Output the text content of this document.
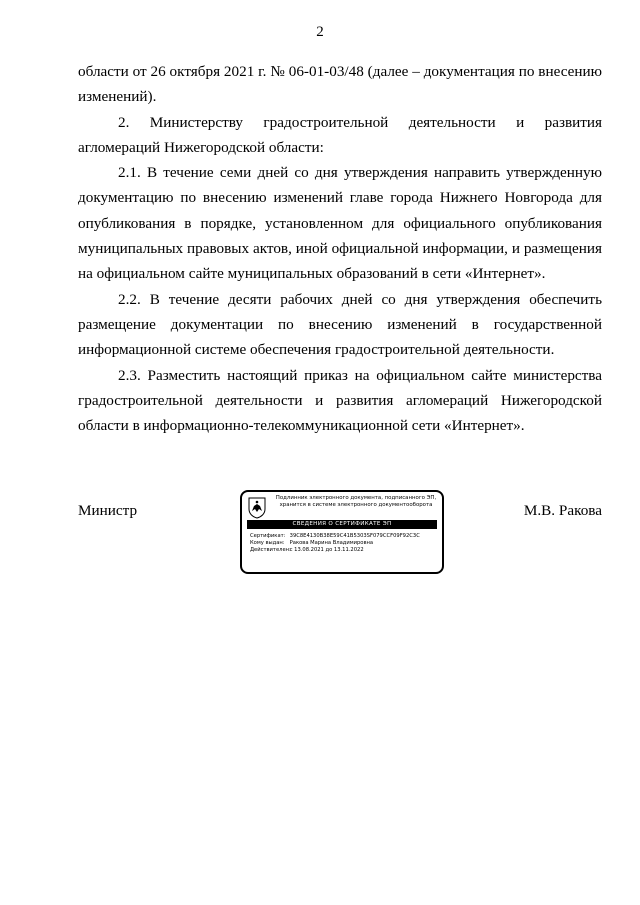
2

области от 26 октября 2021 г. № 06-01-03/48 (далее – документация по внесению изменений).

2. Министерству градостроительной деятельности и развития агломераций Нижегородской области:

2.1. В течение семи дней со дня утверждения направить утвержденную документацию по внесению изменений главе города Нижнего Новгорода для опубликования в порядке, установленном для официального опубликования муниципальных правовых актов, иной официальной информации, и размещения на официальном сайте муниципальных образований в сети «Интернет».

2.2. В течение десяти рабочих дней со дня утверждения обеспечить размещение документации по внесению изменений в государственной информационной системе обеспечения градостроительной деятельности.

2.3. Разместить настоящий приказ на официальном сайте министерства градостроительной деятельности и развития агломераций Нижегородской области в информационно-телекоммуникационной сети «Интернет».

Министр
Подлинник электронного документа, подписанного ЭП,
хранится в системе электронного документооборота
СВЕДЕНИЯ О СЕРТИФИКАТЕ ЭП
Сертификат: 39C8E4130B38E59C41B5303SF079CCF09F92C3C
Кому выдан: Ракова Марина Владимировна
Действителен: с 13.08.2021 до 13.11.2022
М.В. Ракова
